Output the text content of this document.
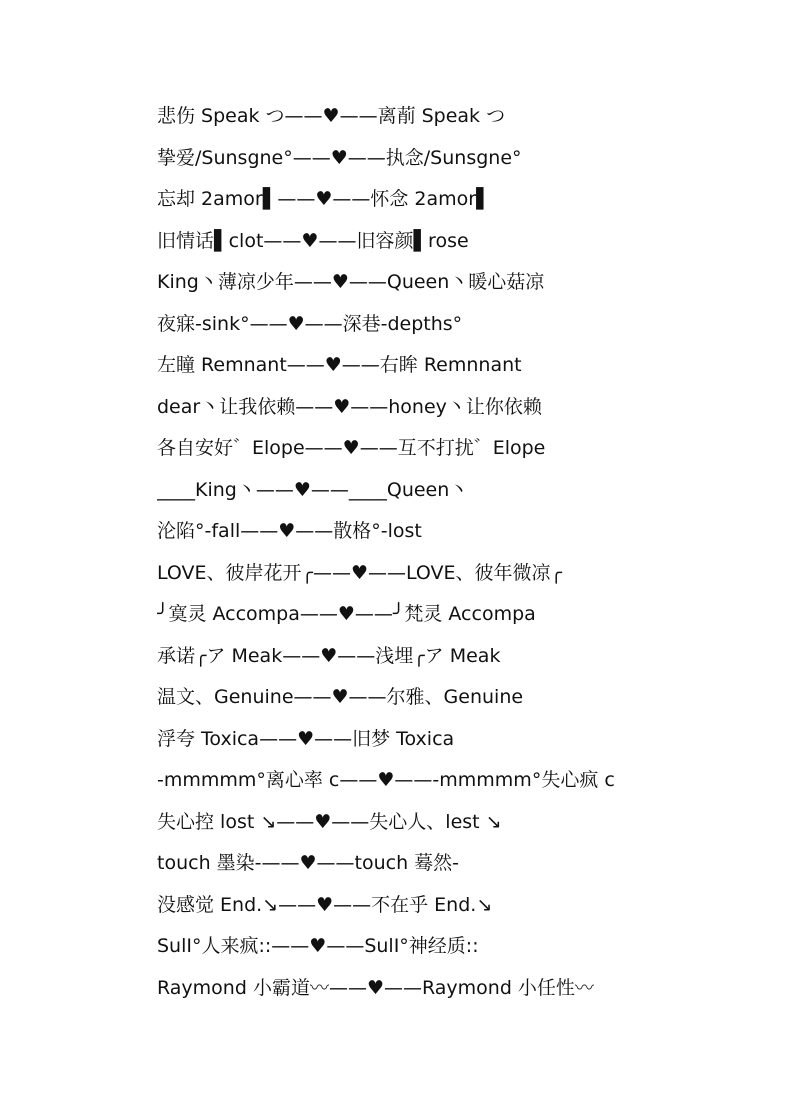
悲伤 Speak つ——♥——离萷 Speak つ
挚爱/Sunsgne°——♥——执念/Sunsgne°
忘却 2amor▌——♥——怀念 2amor▌
旧情话▌clot——♥——旧容颜▌rose
King丶薄凉少年——♥——Queen丶暖心菇凉
夜寐-sink°——♥——深巷-depths°
左瞳 Remnant——♥——右眸 Remnnant
dear丶让我依赖——♥——honey丶让你依赖
各自安好゛Elope——♥——互不打扰゛Elope
____King丶——♥——____Queen丶
沦陷°-fall——♥——散格°-lost
LOVE、彼岸花开╭——♥——LOVE、彼年微凉╭
╯寞灵 Accompa——♥——╯梵灵 Accompa
承诺╭ア Meak——♥——浅埋╭ア Meak
温文、Genuine——♥——尔雅、Genuine
浮夸 Toxica——♥——旧梦 Toxica
-mmmmm°离心率 c——♥——-mmmmm°失心疯 c
失心控 lost ↘——♥——失心人、lest ↘
touch 墨染-——♥——touch 蓦然-
没感觉 End.↘——♥——不在乎 End.↘
SulI°人来疯::——♥——SulI°神经质::
Raymond 小霸道〰——♥——Raymond 小任性〰
